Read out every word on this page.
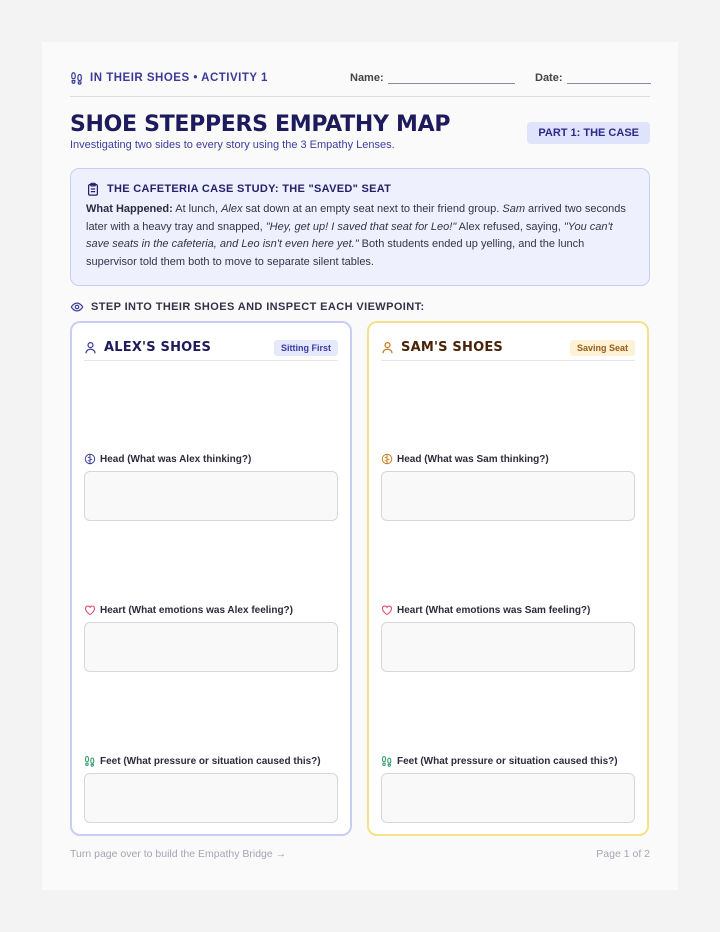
IN THEIR SHOES • ACTIVITY 1	Name:	Date:
SHOE STEPPERS EMPATHY MAP
Investigating two sides to every story using the 3 Empathy Lenses.
PART 1: THE CASE
THE CAFETERIA CASE STUDY: THE "SAVED" SEAT

What Happened: At lunch, Alex sat down at an empty seat next to their friend group. Sam arrived two seconds later with a heavy tray and snapped, "Hey, get up! I saved that seat for Leo!" Alex refused, saying, "You can't save seats in the cafeteria, and Leo isn't even here yet." Both students ended up yelling, and the lunch supervisor told them both to move to separate silent tables.

STEP INTO THEIR SHOES AND INSPECT EACH VIEWPOINT:
ALEX'S SHOES	Sitting First
Head (What was Alex thinking?)
Heart (What emotions was Alex feeling?)
Feet (What pressure or situation caused this?)
SAM'S SHOES	Saving Seat
Head (What was Sam thinking?)
Heart (What emotions was Sam feeling?)
Feet (What pressure or situation caused this?)
Turn page over to build the Empathy Bridge →	Page 1 of 2
